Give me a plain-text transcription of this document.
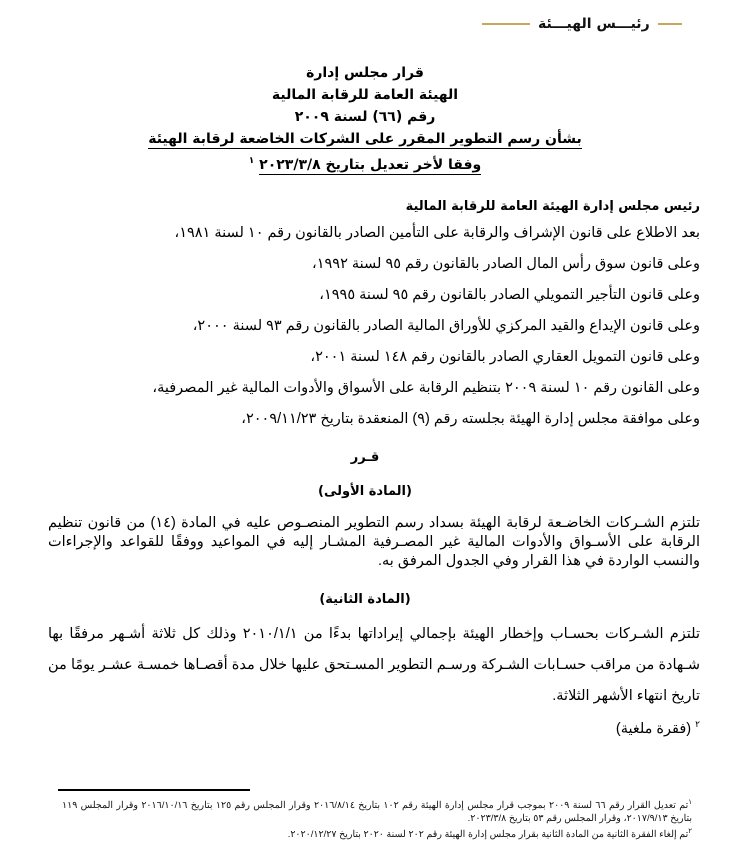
رئيـــس الهيـــئة
قرار مجلس إدارة
الهيئة العامة للرقابة المالية
رقم (٦٦) لسنة ٢٠٠٩
بشأن رسم التطوير المقرر على الشركات الخاضعة لرقابة الهيئة
وفقا لأخر تعديل بتاريخ ٢٠٢٣/٣/٨ $^١$
رئيس مجلس إدارة الهيئة العامة للرقابة المالية
بعد الاطلاع على قانون الإشراف والرقابة على التأمين الصادر بالقانون رقم ١٠ لسنة ١٩٨١،
وعلى قانون سوق رأس المال الصادر بالقانون رقم ٩٥ لسنة ١٩٩٢،
وعلى قانون التأجير التمويلي الصادر بالقانون رقم ٩٥ لسنة ١٩٩٥،
وعلى قانون الإيداع والقيد المركزي للأوراق المالية الصادر بالقانون رقم ٩٣ لسنة ٢٠٠٠،
وعلى قانون التمويل العقاري الصادر بالقانون رقم ١٤٨ لسنة ٢٠٠١،
وعلى القانون رقم ١٠ لسنة ٢٠٠٩ بتنظيم الرقابة على الأسواق والأدوات المالية غير المصرفية،
وعلى موافقة مجلس إدارة الهيئة بجلسته رقم (٩) المنعقدة بتاريخ ٢٠٠٩/١١/٢٣،
قـرر
(المادة الأولى)
تلتزم الشـركات الخاضـعة لرقابة الهيئة بسداد رسم التطوير المنصـوص عليه في المادة (١٤) من قانون تنظيم الرقابة على الأسـواق والأدوات المالية غير المصـرفية المشـار إليه في المواعيد ووفقًا للقواعد والإجراءات والنسب الواردة في هذا القرار وفي الجدول المرفق به.
(المادة الثانية)
تلتزم الشـركات بحسـاب وإخطار الهيئة بإجمالي إيراداتها بدءًا من ٢٠١٠/١/١ وذلك كل ثلاثة أشـهر مرفقًا بها شـهادة من مراقب حسـابات الشـركة ورسـم التطوير المسـتحق عليها خلال مدة أقصـاها خمسـة عشـر يومًا من تاريخ انتهاء الأشهر الثلاثة.
$^٢$ (فقرة ملغية)

$^١$تم تعديل القرار رقم ٦٦ لسنة ٢٠٠٩ بموجب قرار مجلس إدارة الهيئة رقم ١٠٢ بتاريخ ٢٠١٦/٨/١٤ وقرار المجلس رقم ١٢٥ بتاريخ ٢٠١٦/١٠/١٦ وقرار المجلس ١١٩ بتاريخ ٢٠١٧/٩/١٣، وقرار المجلس رقم ٥٣ بتاريخ ٢٠٢٣/٣/٨.

$^٢$تم إلغاء الفقرة الثانية من المادة الثانية بقرار مجلس إدارة الهيئة رقم ٢٠٢ لسنة ٢٠٢٠ بتاريخ ٢٠٢٠/١٢/٢٧.
